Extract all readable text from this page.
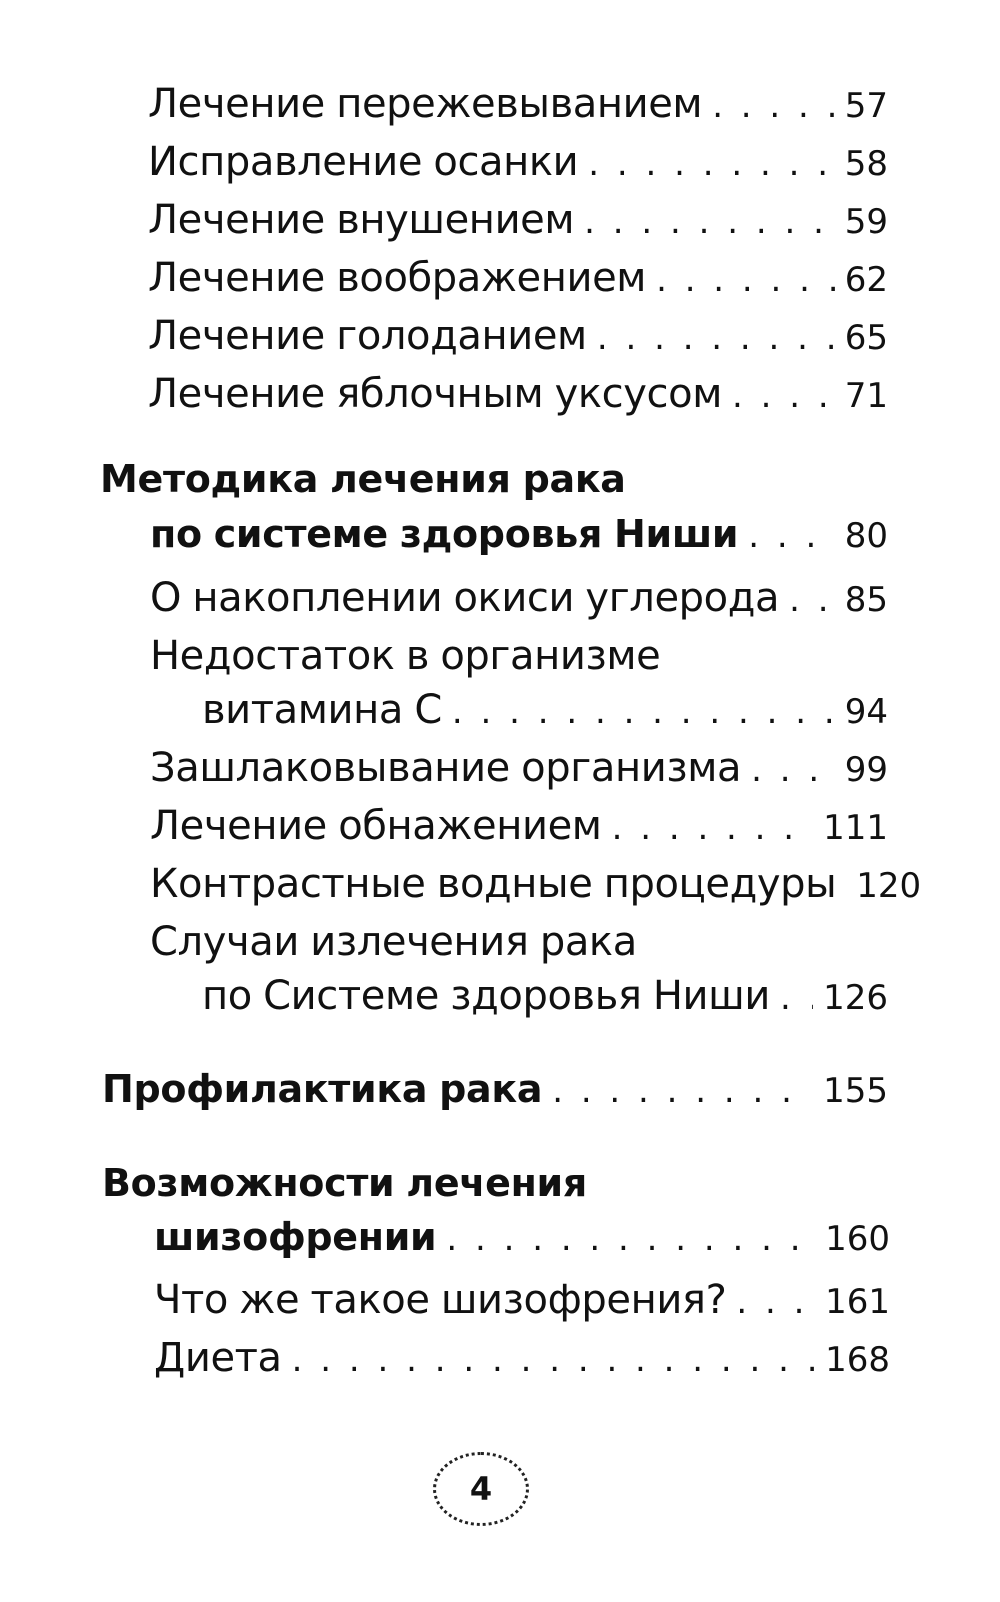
Лечение пережевыванием . . .	57
Исправление осанки . . .	58
Лечение внушением . . .	59
Лечение воображением . . .	62
Лечение голоданием . . .	65
Лечение яблочным уксусом . . .	71
Методика лечения рака
по системе здоровья Ниши . . .	80
О накоплении окиси углерода . . . 85
Недостаток в организме
витамина С . . .	94
Зашлаковывание организма . . .	99
Лечение обнажением . . .	111
Контрастные водные процедуры 120
Случаи излечения рака
по Системе здоровья Ниши . . . 126
Профилактика рака . . .	155
Возможности лечения
шизофрении . . .	160
Что же такое шизофрения? . . .	161
Диета . . .	168
4
